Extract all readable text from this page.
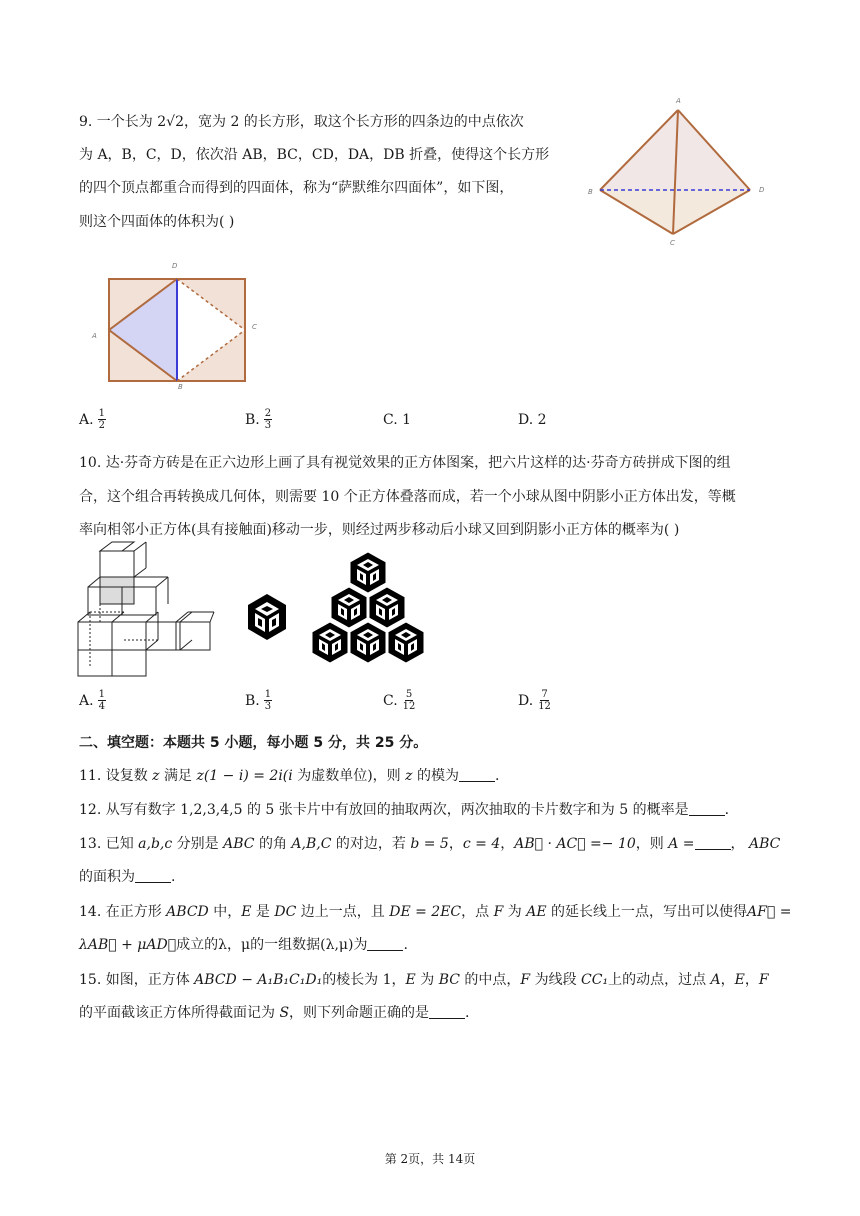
9. 一个长为 2√2，宽为 2 的长方形，取这个长方形的四条边的中点依次
为 A，B，C，D，依次沿 AB，BC，CD，DA，DB 折叠，使得这个长方形
的四个顶点都重合而得到的四面体，称为“萨默维尔四面体”，如下图，
则这个四面体的体积为( )
A
B
C
D
D
A
C
B
A. $\frac{1}{2}$	B. $\frac{2}{3}$	C. 1	D. 2
10. 达·芬奇方砖是在正六边形上画了具有视觉效果的正方体图案，把六片这样的达·芬奇方砖拼成下图的组
合，这个组合再转换成几何体，则需要 10 个正方体叠落而成，若一个小球从图中阴影小正方体出发，等概
率向相邻小正方体(具有接触面)移动一步，则经过两步移动后小球又回到阴影小正方体的概率为( )
A. $\frac{1}{4}$	B. $\frac{1}{3}$	C. $\frac{5}{12}$	D. $\frac{7}{12}$
二、填空题：本题共 5 小题，每小题 5 分，共 25 分。
11. 设复数 z 满足 z(1 − i) = 2i(i 为虚数单位)，则 z 的模为	.
12. 从写有数字 1,2,3,4,5 的 5 张卡片中有放回的抽取两次，两次抽取的卡片数字和为 5 的概率是	.
13. 已知 a,b,c 分别是 ABC 的角 A,B,C 的对边，若 b = 5，c = 4，AB⃗ · AC⃗ =− 10，则 A =	， ABC
的面积为	.
14. 在正方形 ABCD 中，E 是 DC 边上一点，且 DE = 2EC，点 F 为 AE 的延长线上一点，写出可以使得AF⃗ =
λAB⃗ + μAD⃗成立的λ，μ的一组数据(λ,μ)为	.
15. 如图，正方体 ABCD − A₁B₁C₁D₁的棱长为 1，E 为 BC 的中点，F 为线段 CC₁上的动点，过点 A，E，F
的平面截该正方体所得截面记为 S，则下列命题正确的是	.
第 2页，共 14页
